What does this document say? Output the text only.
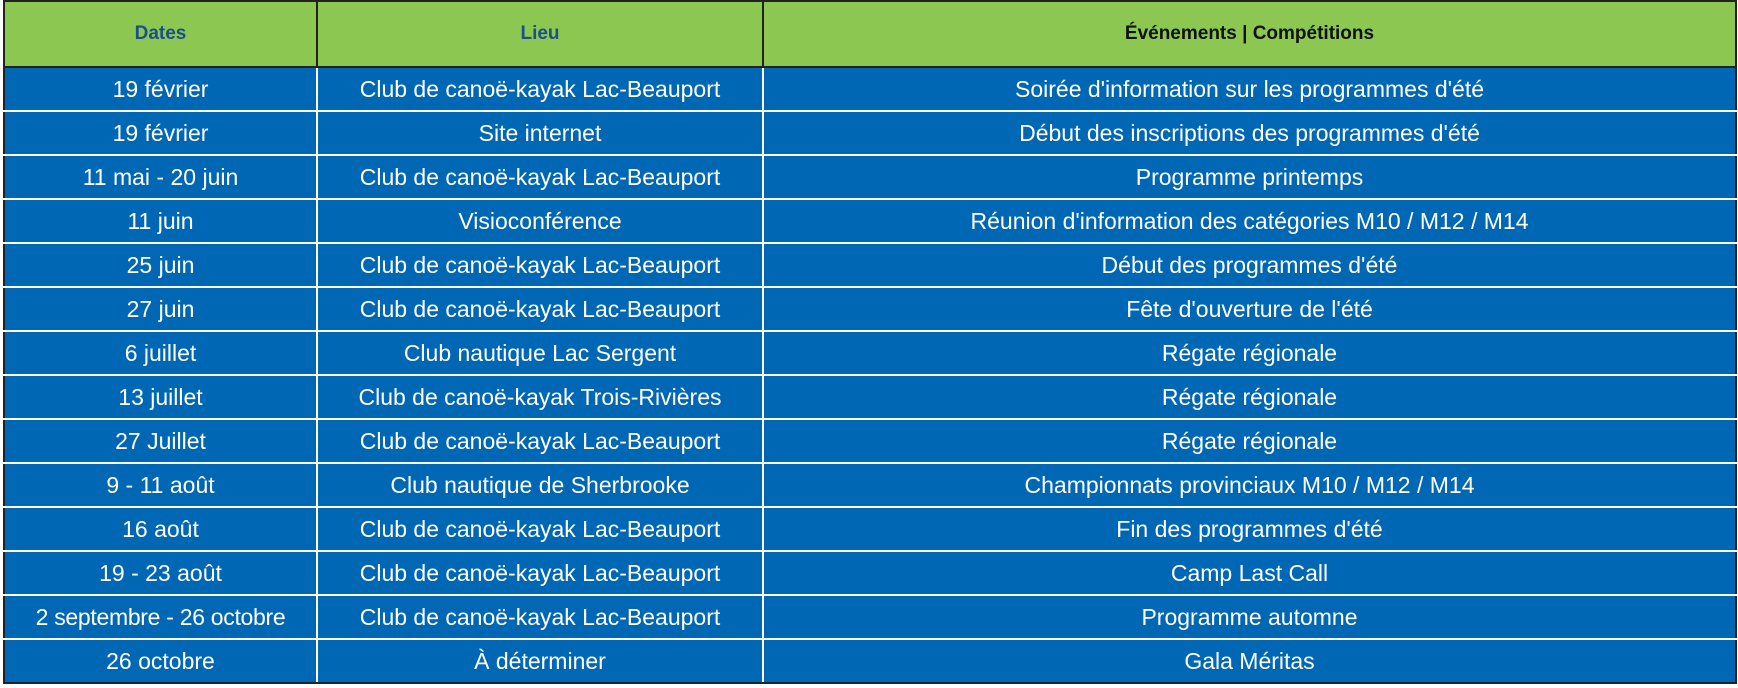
Dates	Lieu	Événements | Compétitions
19 février	Club de canoë-kayak Lac-Beauport	Soirée d'information sur les programmes d'été
19 février	Site internet	Début des inscriptions des programmes d'été
11 mai - 20 juin	Club de canoë-kayak Lac-Beauport	Programme printemps
11 juin	Visioconférence	Réunion d'information des catégories M10 / M12 / M14
25 juin	Club de canoë-kayak Lac-Beauport	Début des programmes d'été
27 juin	Club de canoë-kayak Lac-Beauport	Fête d'ouverture de l'été
6 juillet	Club nautique Lac Sergent	Régate régionale
13 juillet	Club de canoë-kayak Trois-Rivières	Régate régionale
27 Juillet	Club de canoë-kayak Lac-Beauport	Régate régionale
9 - 11 août	Club nautique de Sherbrooke	Championnats provinciaux M10 / M12 / M14
16 août	Club de canoë-kayak Lac-Beauport	Fin des programmes d'été
19 - 23 août	Club de canoë-kayak Lac-Beauport	Camp Last Call
2 septembre - 26 octobre	Club de canoë-kayak Lac-Beauport	Programme automne
26 octobre	À déterminer	Gala Méritas
